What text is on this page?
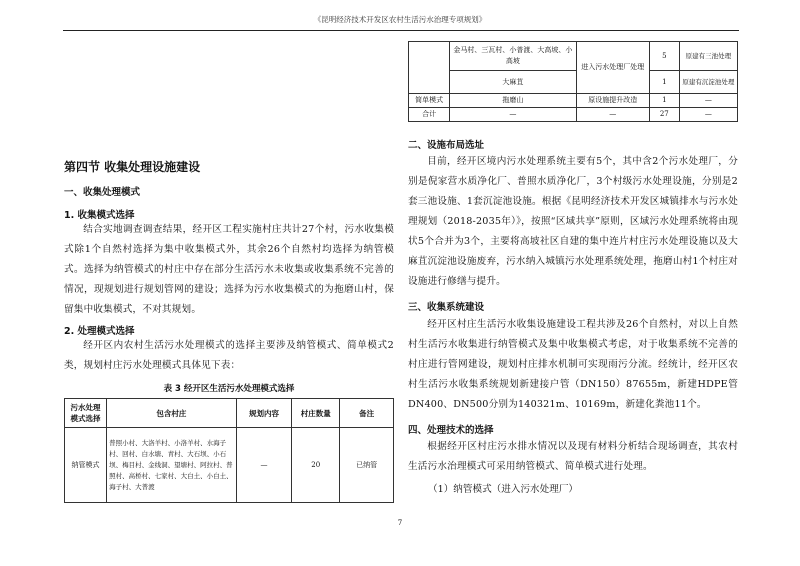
《昆明经济技术开发区农村生活污水治理专项规划》
第四节 收集处理设施建设
一、收集处理模式
1. 收集模式选择
结合实地调查调查结果，经开区工程实施村庄共计27个村，污水收集模式除1个自然村选择为集中收集模式外，其余26个自然村均选择为纳管模式。选择为纳管模式的村庄中存在部分生活污水未收集或收集系统不完善的情况，现规划进行规划管网的建设；选择为污水收集模式的为拖磨山村，保留集中收集模式，不对其规划。
2. 处理模式选择
经开区内农村生活污水处理模式的选择主要涉及纳管模式、简单模式2类，规划村庄污水处理模式具体见下表：
表 3 经开区生活污水处理模式选择
污水处理模式选择	包含村庄	规划内容	村庄数量	备注
纳管模式	普照小村、大洛羊村、小洛羊村、水海子村、回村、白水塘、青村、大石坝、小石坝、梅目村、金线洞、望塘村、阿拉村、普照村、高桥村、七家村、大白土、小白土、海子村、大普渡	—	20	已纳管
	金马村、三瓦村、小普渡、大高坡、小高坡	进入污水处理厂处理	5	原建有三池处理
	大麻苴		1	原建有沉淀池处理
简单模式	拖磨山	原设施提升改造	1	—
合计	—	—	27	—
二、设施布局选址
目前，经开区境内污水处理系统主要有5个，其中含2个污水处理厂，分别是倪家营水质净化厂、普照水质净化厂，3个村级污水处理设施，分别是2套三池设施、1套沉淀池设施。根据《昆明经济技术开发区城镇排水与污水处理规划（2018-2035年）》，按照“区域共享”原则，区域污水处理系统将由现状5个合并为3个，主要将高坡社区自建的集中连片村庄污水处理设施以及大麻苴沉淀池设施废弃，污水纳入城镇污水处理系统处理，拖磨山村1个村庄对设施进行修缮与提升。
三、收集系统建设
经开区村庄生活污水收集设施建设工程共涉及26个自然村，对以上自然村生活污水收集进行纳管模式及集中收集模式考虑，对于收集系统不完善的村庄进行管网建设，规划村庄排水机制可实现雨污分流。经统计，经开区农村生活污水收集系统规划新建接户管（DN150）87655m，新建HDPE管DN400、DN500分别为140321m、10169m，新建化粪池11个。
四、处理技术的选择
根据经开区村庄污水排水情况以及现有材料分析结合现场调查，其农村生活污水治理模式可采用纳管模式、简单模式进行处理。
（1）纳管模式（进入污水处理厂）
7
